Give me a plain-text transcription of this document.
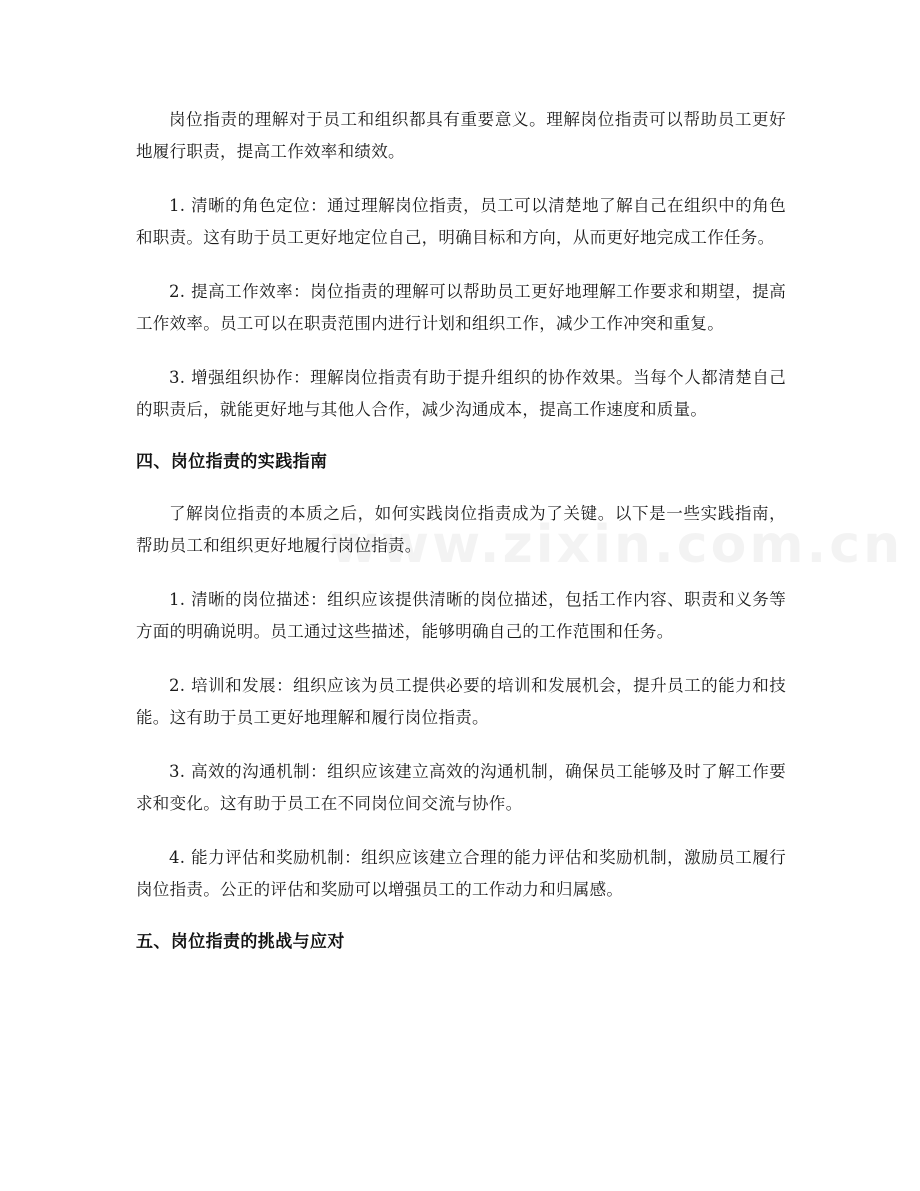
岗位指责的理解对于员工和组织都具有重要意义。理解岗位指责可以帮助员工更好地履行职责，提高工作效率和绩效。

1. 清晰的角色定位：通过理解岗位指责，员工可以清楚地了解自己在组织中的角色和职责。这有助于员工更好地定位自己，明确目标和方向，从而更好地完成工作任务。

2. 提高工作效率：岗位指责的理解可以帮助员工更好地理解工作要求和期望，提高工作效率。员工可以在职责范围内进行计划和组织工作，减少工作冲突和重复。

3. 增强组织协作：理解岗位指责有助于提升组织的协作效果。当每个人都清楚自己的职责后，就能更好地与其他人合作，减少沟通成本，提高工作速度和质量。

四、岗位指责的实践指南

了解岗位指责的本质之后，如何实践岗位指责成为了关键。以下是一些实践指南，帮助员工和组织更好地履行岗位指责。

1. 清晰的岗位描述：组织应该提供清晰的岗位描述，包括工作内容、职责和义务等方面的明确说明。员工通过这些描述，能够明确自己的工作范围和任务。

2. 培训和发展：组织应该为员工提供必要的培训和发展机会，提升员工的能力和技能。这有助于员工更好地理解和履行岗位指责。

3. 高效的沟通机制：组织应该建立高效的沟通机制，确保员工能够及时了解工作要求和变化。这有助于员工在不同岗位间交流与协作。

4. 能力评估和奖励机制：组织应该建立合理的能力评估和奖励机制，激励员工履行岗位指责。公正的评估和奖励可以增强员工的工作动力和归属感。

五、岗位指责的挑战与应对
